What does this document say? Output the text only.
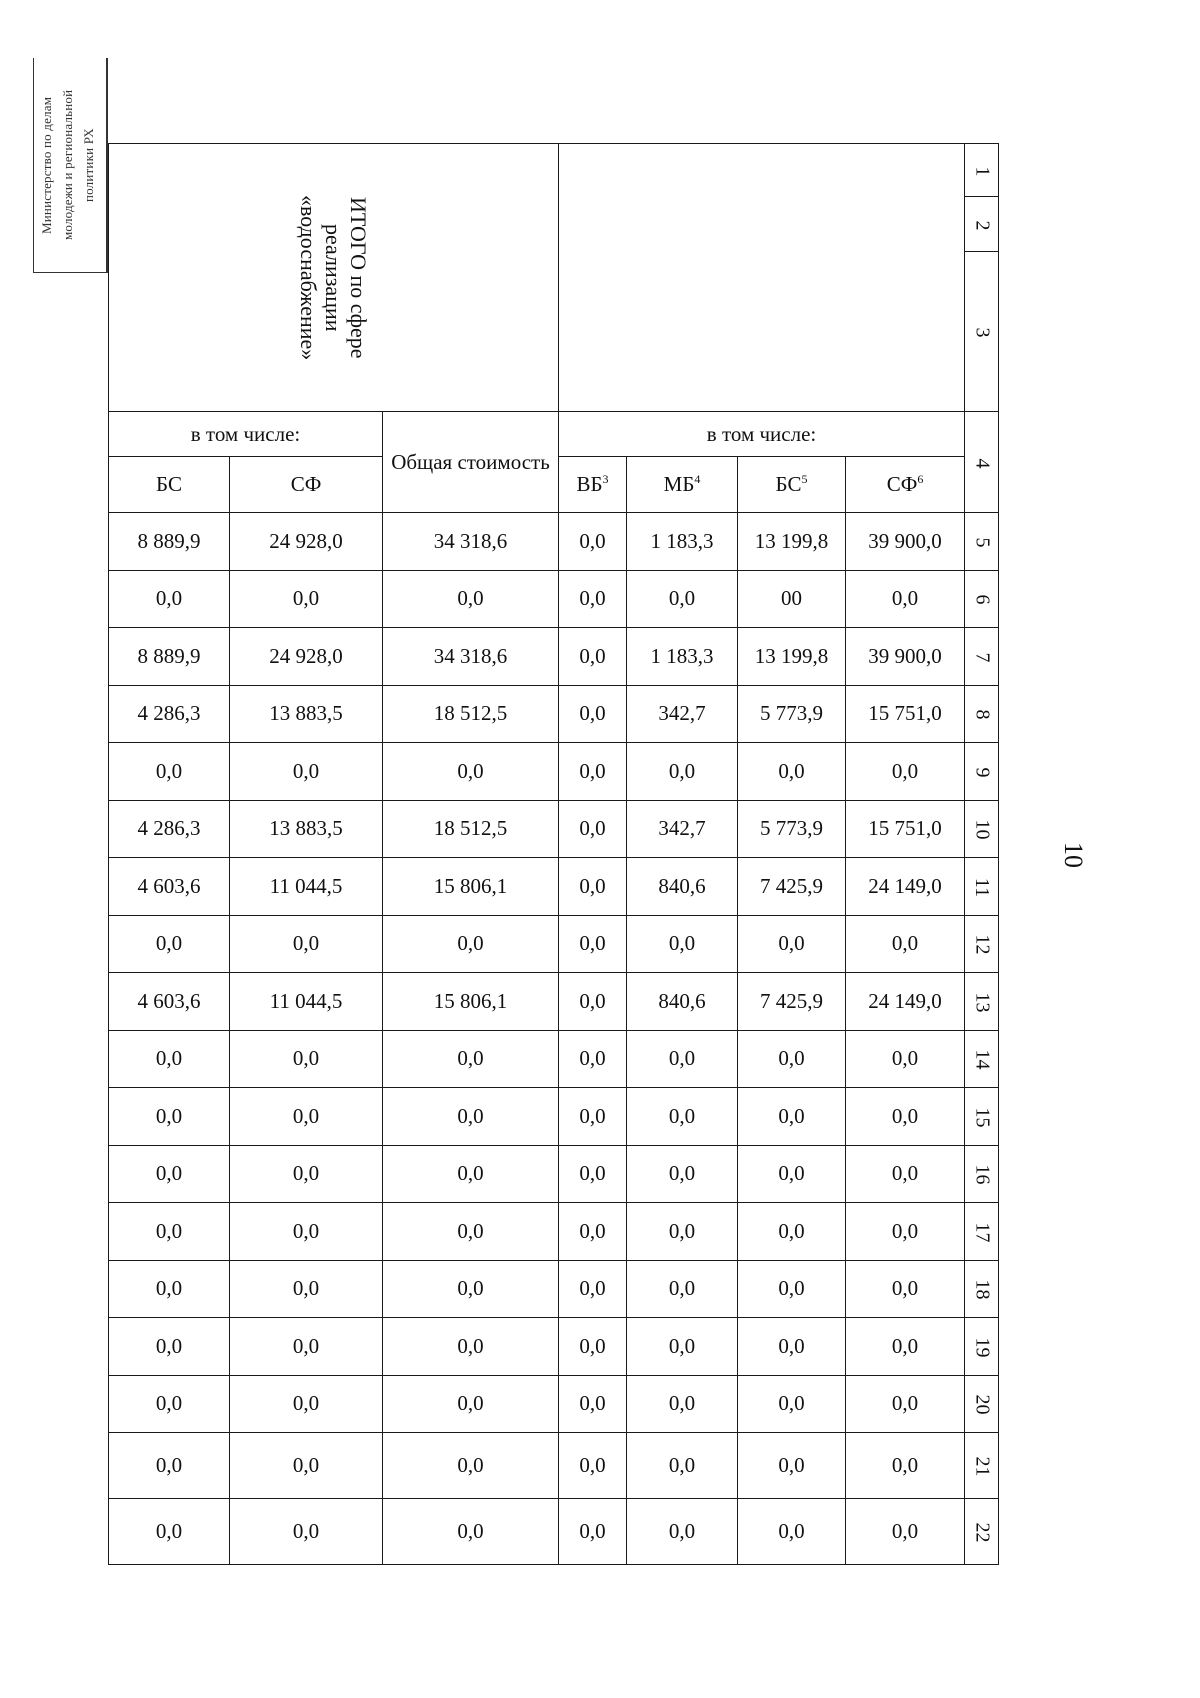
Министерство по делам молодежи и региональной политики РХ
10
ИТОГО по сфере
реализации
«водоснабжение»							1
							2
							3
в том числе:		Общая стоимость	в том числе:				4
БС	СФ		$ВБ^3$	$МБ^4$	$БС^5$	$СФ^6$
8 889,9	24 928,0	34 318,6	0,0	1 183,3	13 199,8	39 900,0	5
0,0	0,0	0,0	0,0	0,0	00	0,0	6
8 889,9	24 928,0	34 318,6	0,0	1 183,3	13 199,8	39 900,0	7
4 286,3	13 883,5	18 512,5	0,0	342,7	5 773,9	15 751,0	8
0,0	0,0	0,0	0,0	0,0	0,0	0,0	9
4 286,3	13 883,5	18 512,5	0,0	342,7	5 773,9	15 751,0	10
4 603,6	11 044,5	15 806,1	0,0	840,6	7 425,9	24 149,0	11
0,0	0,0	0,0	0,0	0,0	0,0	0,0	12
4 603,6	11 044,5	15 806,1	0,0	840,6	7 425,9	24 149,0	13
0,0	0,0	0,0	0,0	0,0	0,0	0,0	14
0,0	0,0	0,0	0,0	0,0	0,0	0,0	15
0,0	0,0	0,0	0,0	0,0	0,0	0,0	16
0,0	0,0	0,0	0,0	0,0	0,0	0,0	17
0,0	0,0	0,0	0,0	0,0	0,0	0,0	18
0,0	0,0	0,0	0,0	0,0	0,0	0,0	19
0,0	0,0	0,0	0,0	0,0	0,0	0,0	20
0,0	0,0	0,0	0,0	0,0	0,0	0,0	21
0,0	0,0	0,0	0,0	0,0	0,0	0,0	22
